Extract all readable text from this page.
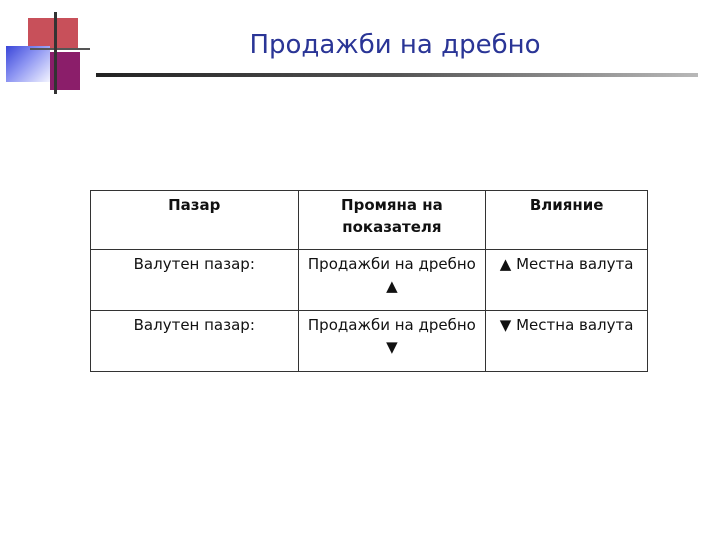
Продажби на дребно
Пазар	Промяна на показателя	Влияние
Валутен пазар:	Продажби на дребно ▲	▲ Местна валута
Валутен пазар:	Продажби на дребно ▼	▼ Местна валута
